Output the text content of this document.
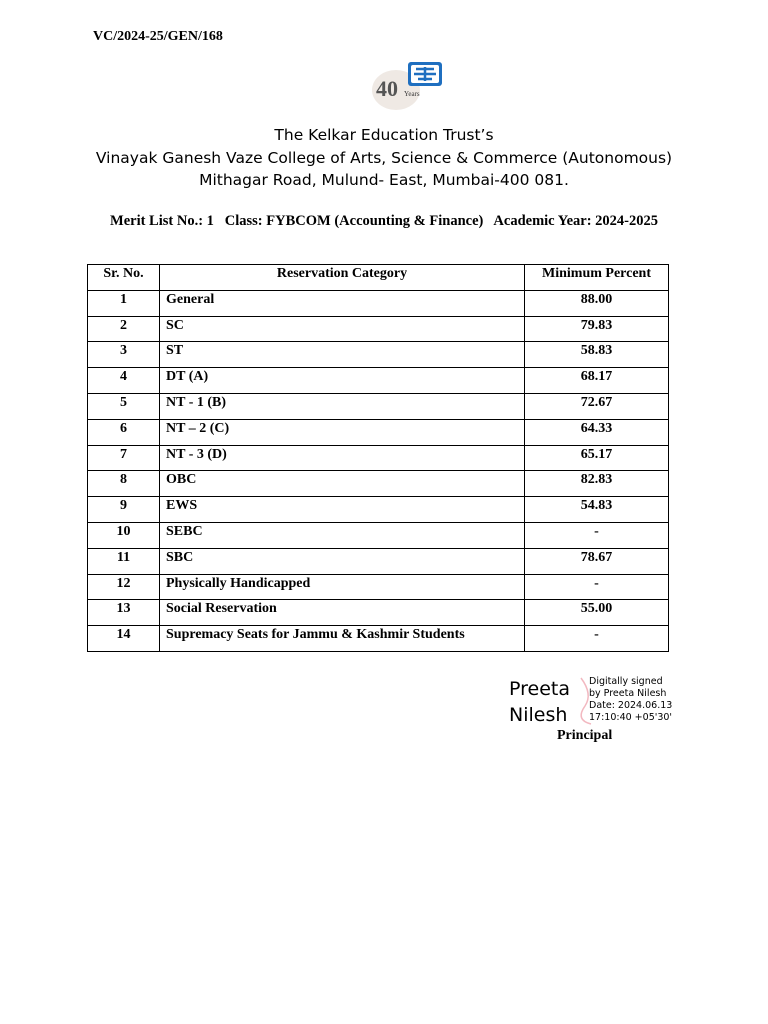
VC/2024-25/GEN/168
40 Years
The Kelkar Education Trust’s
Vinayak Ganesh Vaze College of Arts, Science & Commerce (Autonomous)
Mithagar Road, Mulund- East, Mumbai-400 081.
Merit List No.: 1   Class: FYBCOM (Accounting & Finance)   Academic Year: 2024-2025
Sr. No.	Reservation Category	Minimum Percent
1	General	88.00
2	SC	79.83
3	ST	58.83
4	DT (A)	68.17
5	NT - 1 (B)	72.67
6	NT – 2 (C)	64.33
7	NT - 3 (D)	65.17
8	OBC	82.83
9	EWS	54.83
10	SEBC	-
11	SBC	78.67
12	Physically Handicapped	-
13	Social Reservation	55.00
14	Supremacy Seats for Jammu & Kashmir Students	-
Preeta
Nilesh
Digitally signed
by Preeta Nilesh
Date: 2024.06.13
17:10:40 +05'30'
Principal
